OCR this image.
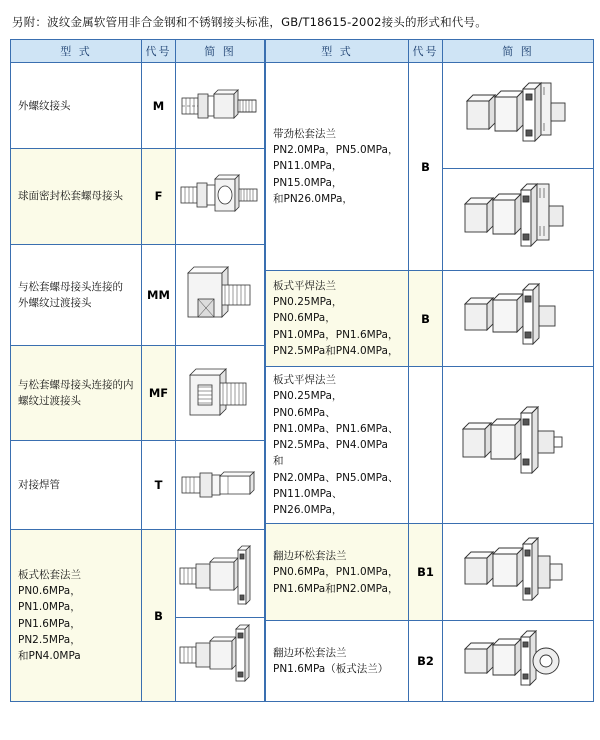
另附：波纹金属软管用非合金钢和不锈钢接头标准，GB/T18615-2002接头的形式和代号。
型 式	代号	简 图
外螺纹接头	M	

球面密封松套螺母接头	F	

与松套螺母接头连接的
外螺纹过渡接头	MM	

与松套螺母接头连接的内
螺纹过渡接头	MF	

对接焊管	T	

板式松套法兰
PN0.6MPa，PN1.0MPa，
PN1.6MPa，PN2.5MPa，
和PN4.0MPa	B	
型 式	代号	简 图

带劲松套法兰
PN2.0MPa，PN5.0MPa，
PN11.0MPa，PN15.0MPa，
和PN26.0MPa，	B	

板式平焊法兰
PN0.25MPa，PN0.6MPa，
PN1.0MPa，PN1.6MPa，
PN2.5MPa和PN4.0MPa，	B	

板式平焊法兰
PN0.25MPa，PN0.6MPa、
PN1.0MPa、PN1.6MPa、
PN2.5MPa、PN4.0MPa 和
PN2.0MPa、PN5.0MPa、
PN11.0MPa、PN26.0MPa，

翻边环松套法兰
PN0.6MPa，PN1.0MPa，
PN1.6MPa和PN2.0MPa，	B1	

翻边环松套法兰
PN1.6MPa（板式法兰）	B2	
